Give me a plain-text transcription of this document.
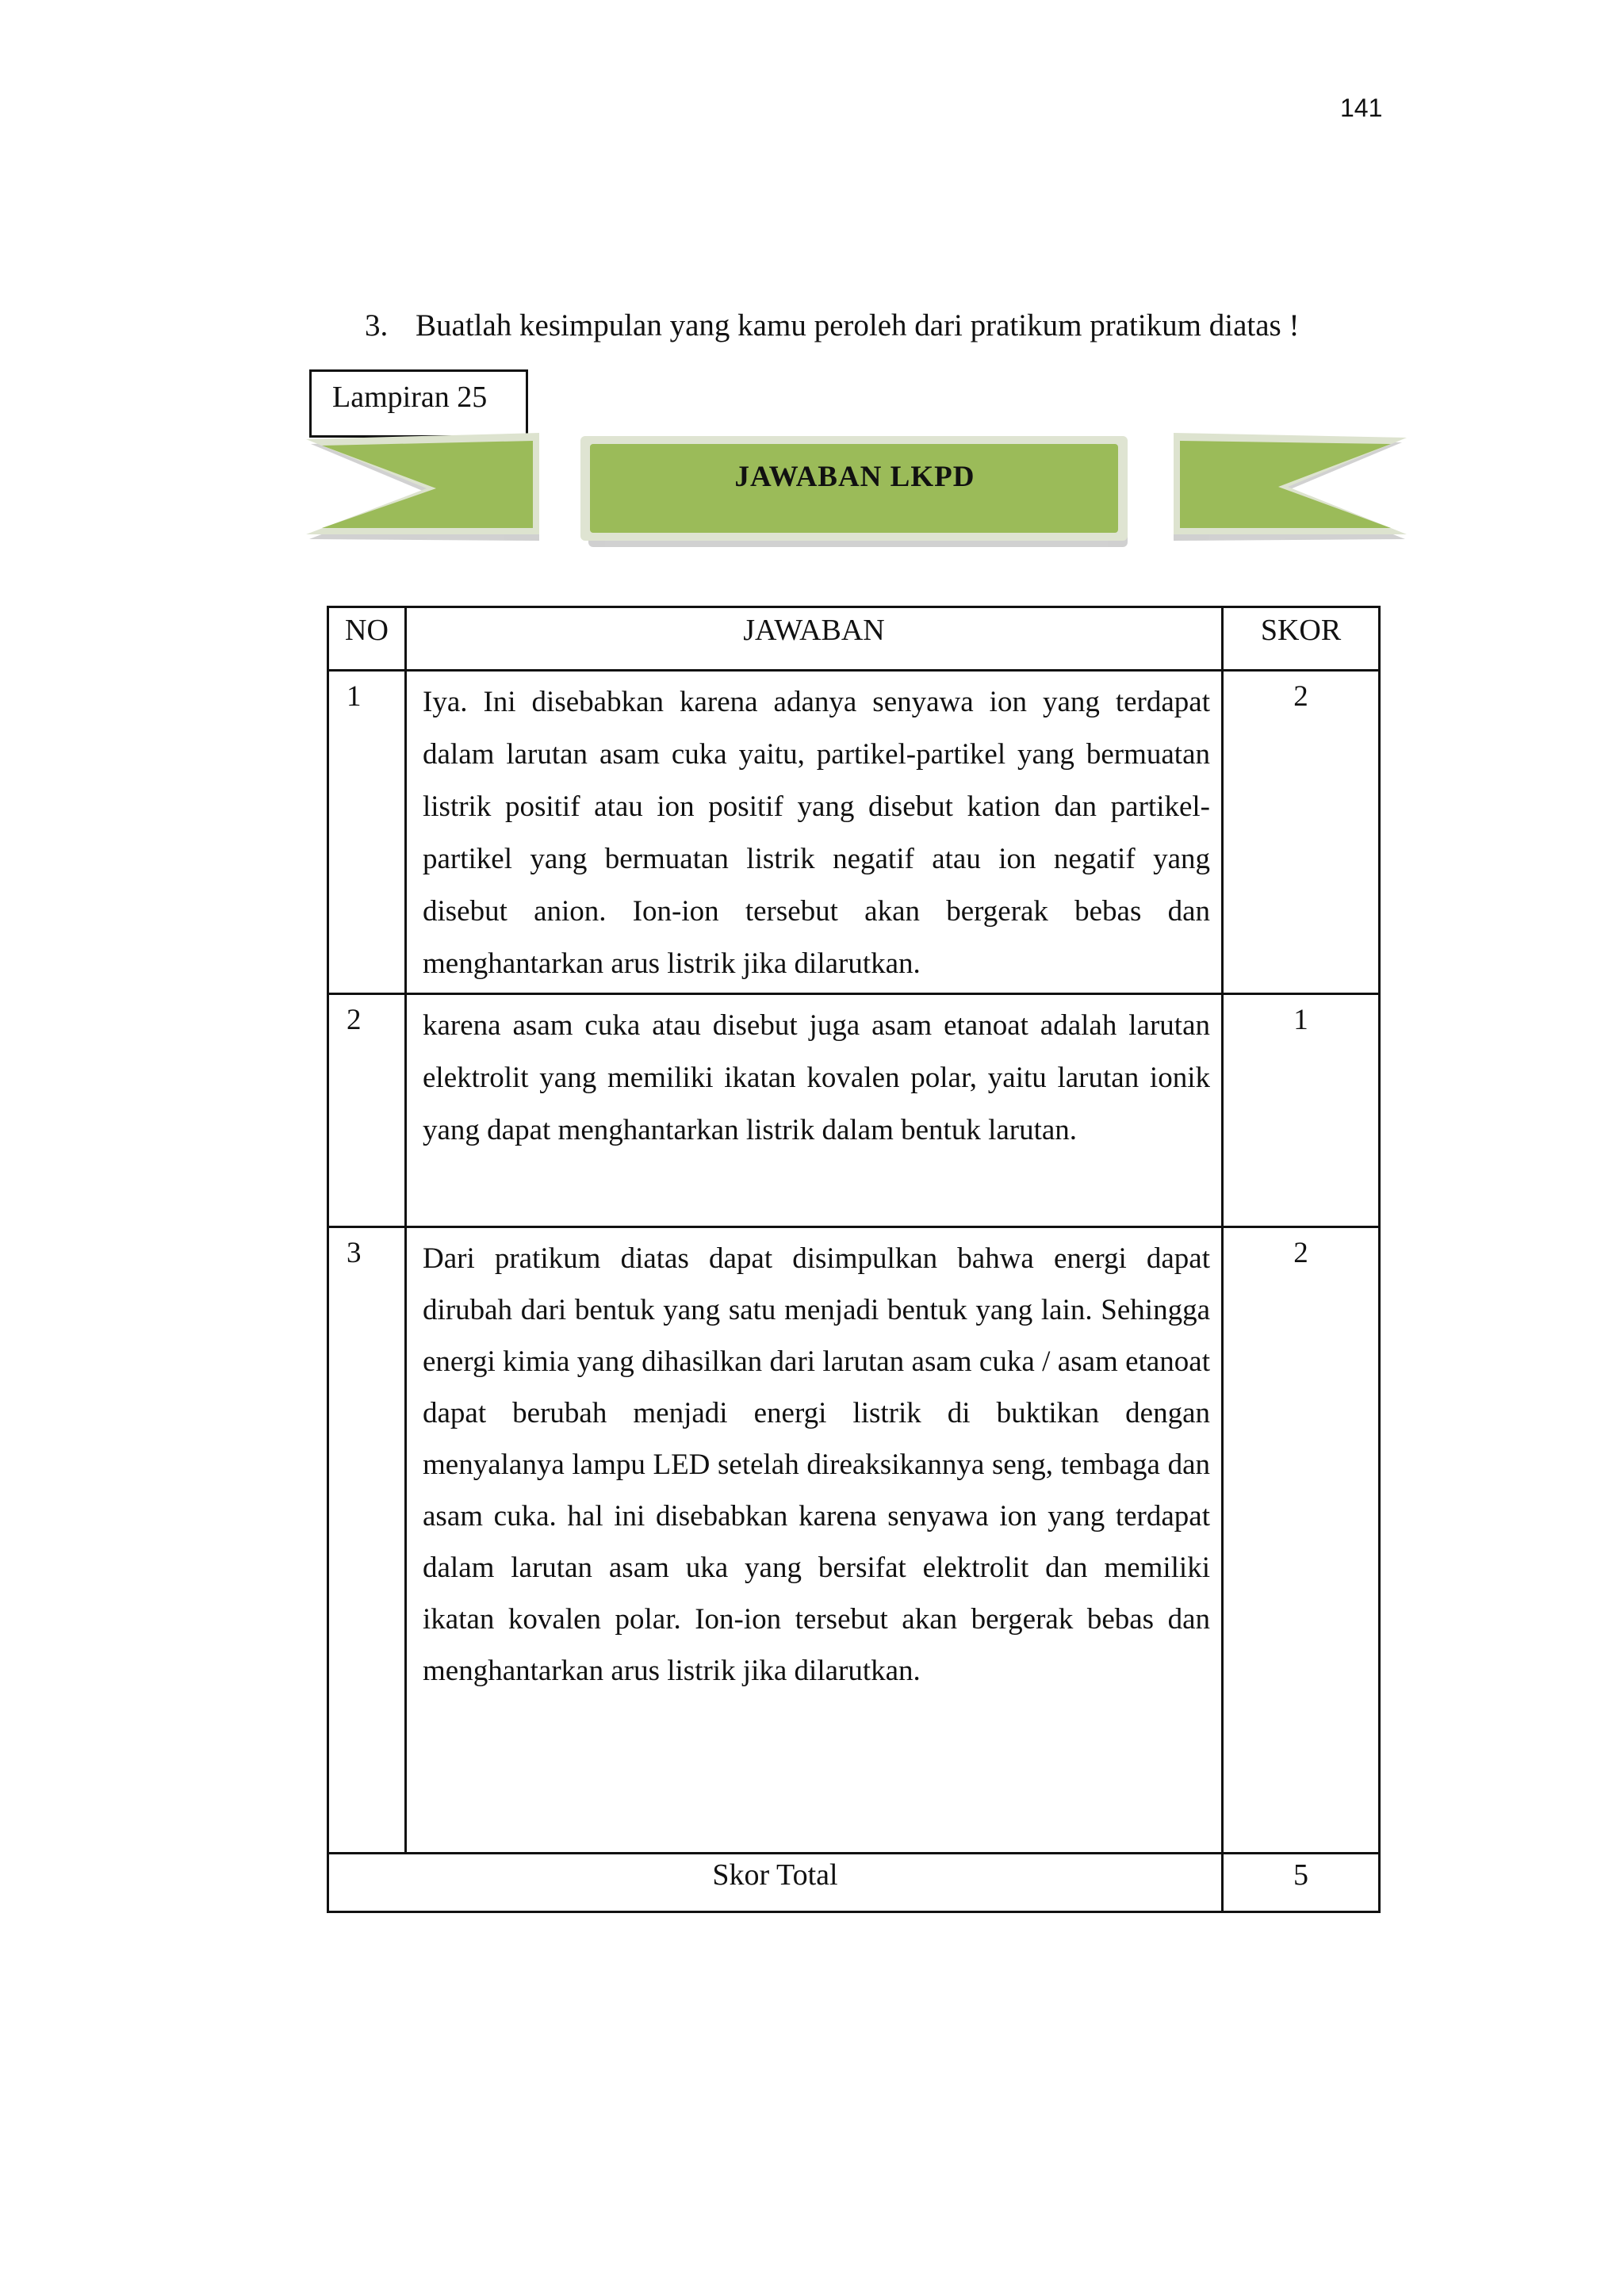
141
3. Buatlah kesimpulan yang kamu peroleh dari pratikum pratikum diatas !
Lampiran 25
JAWABAN LKPD
NO	JAWABAN	SKOR
1	Iya. Ini disebabkan karena adanya senyawa ion yang terdapat dalam larutan asam cuka yaitu, partikel-partikel yang bermuatan listrik positif atau ion positif yang disebut kation dan partikel-partikel yang bermuatan listrik negatif atau ion negatif yang disebut anion. Ion-ion tersebut akan bergerak bebas dan menghantarkan arus listrik jika dilarutkan.	2
2	karena asam cuka atau disebut juga asam etanoat adalah larutan elektrolit yang memiliki ikatan kovalen polar, yaitu larutan ionik yang dapat menghantarkan listrik dalam bentuk larutan.	1
3	Dari pratikum diatas dapat disimpulkan bahwa energi dapat dirubah dari bentuk yang satu menjadi bentuk yang lain. Sehingga energi kimia yang dihasilkan dari larutan asam cuka / asam etanoat dapat berubah menjadi energi listrik di buktikan dengan menyalanya lampu LED setelah direaksikannya seng, tembaga dan asam cuka. hal ini disebabkan karena senyawa ion yang terdapat dalam larutan asam uka yang bersifat elektrolit dan memiliki ikatan kovalen polar. Ion-ion tersebut akan bergerak bebas dan menghantarkan arus listrik jika dilarutkan.	2
Skor Total		5
